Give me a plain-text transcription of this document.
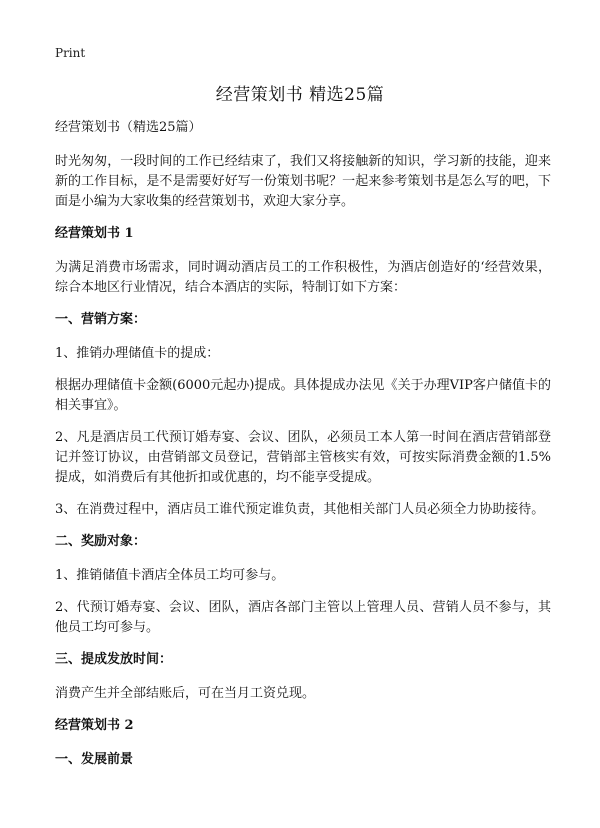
Print
经营策划书 精选25篇
经营策划书（精选25篇）

时光匆匆，一段时间的工作已经结束了，我们又将接触新的知识，学习新的技能，迎来新的工作目标，是不是需要好好写一份策划书呢？一起来参考策划书是怎么写的吧，下面是小编为大家收集的经营策划书，欢迎大家分享。

经营策划书 1

为满足消费市场需求，同时调动酒店员工的工作积极性，为酒店创造好的‘经营效果，综合本地区行业情况，结合本酒店的实际，特制订如下方案：

一、营销方案：

1、推销办理储值卡的提成：

根据办理储值卡金额(6000元起办)提成。具体提成办法见《关于办理VIP客户储值卡的相关事宜》。

2、凡是酒店员工代预订婚寿宴、会议、团队，必须员工本人第一时间在酒店营销部登记并签订协议，由营销部文员登记，营销部主管核实有效，可按实际消费金额的1.5%提成，如消费后有其他折扣或优惠的，均不能享受提成。

3、在消费过程中，酒店员工谁代预定谁负责，其他相关部门人员必须全力协助接待。

二、奖励对象：

1、推销储值卡酒店全体员工均可参与。

2、代预订婚寿宴、会议、团队，酒店各部门主管以上管理人员、营销人员不参与，其他员工均可参与。

三、提成发放时间：

消费产生并全部结账后，可在当月工资兑现。

经营策划书 2
一、发展前景
